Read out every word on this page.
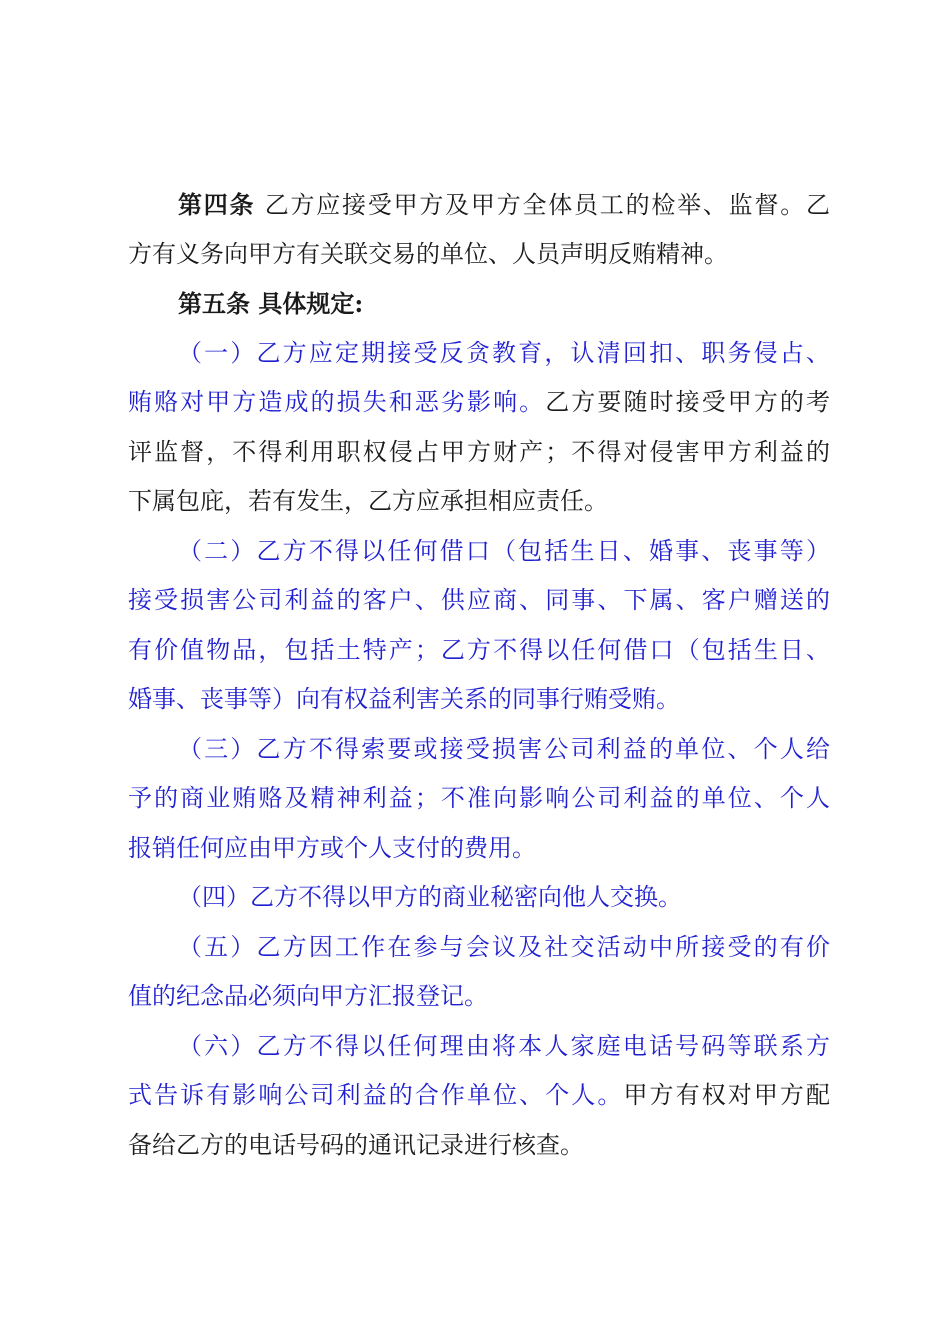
第四条 乙方应接受甲方及甲方全体员工的检举、监督。乙
方有义务向甲方有关联交易的单位、人员声明反贿精神。
第五条 具体规定:
（一）乙方应定期接受反贪教育，认清回扣、职务侵占、
贿赂对甲方造成的损失和恶劣影响。乙方要随时接受甲方的考
评监督，不得利用职权侵占甲方财产；不得对侵害甲方利益的
下属包庇，若有发生，乙方应承担相应责任。
（二）乙方不得以任何借口（包括生日、婚事、丧事等）
接受损害公司利益的客户、供应商、同事、下属、客户赠送的
有价值物品，包括土特产；乙方不得以任何借口（包括生日、
婚事、丧事等）向有权益利害关系的同事行贿受贿。
（三）乙方不得索要或接受损害公司利益的单位、个人给
予的商业贿赂及精神利益；不准向影响公司利益的单位、个人
报销任何应由甲方或个人支付的费用。
（四）乙方不得以甲方的商业秘密向他人交换。
（五）乙方因工作在参与会议及社交活动中所接受的有价
值的纪念品必须向甲方汇报登记。
（六）乙方不得以任何理由将本人家庭电话号码等联系方
式告诉有影响公司利益的合作单位、个人。甲方有权对甲方配
备给乙方的电话号码的通讯记录进行核查。
